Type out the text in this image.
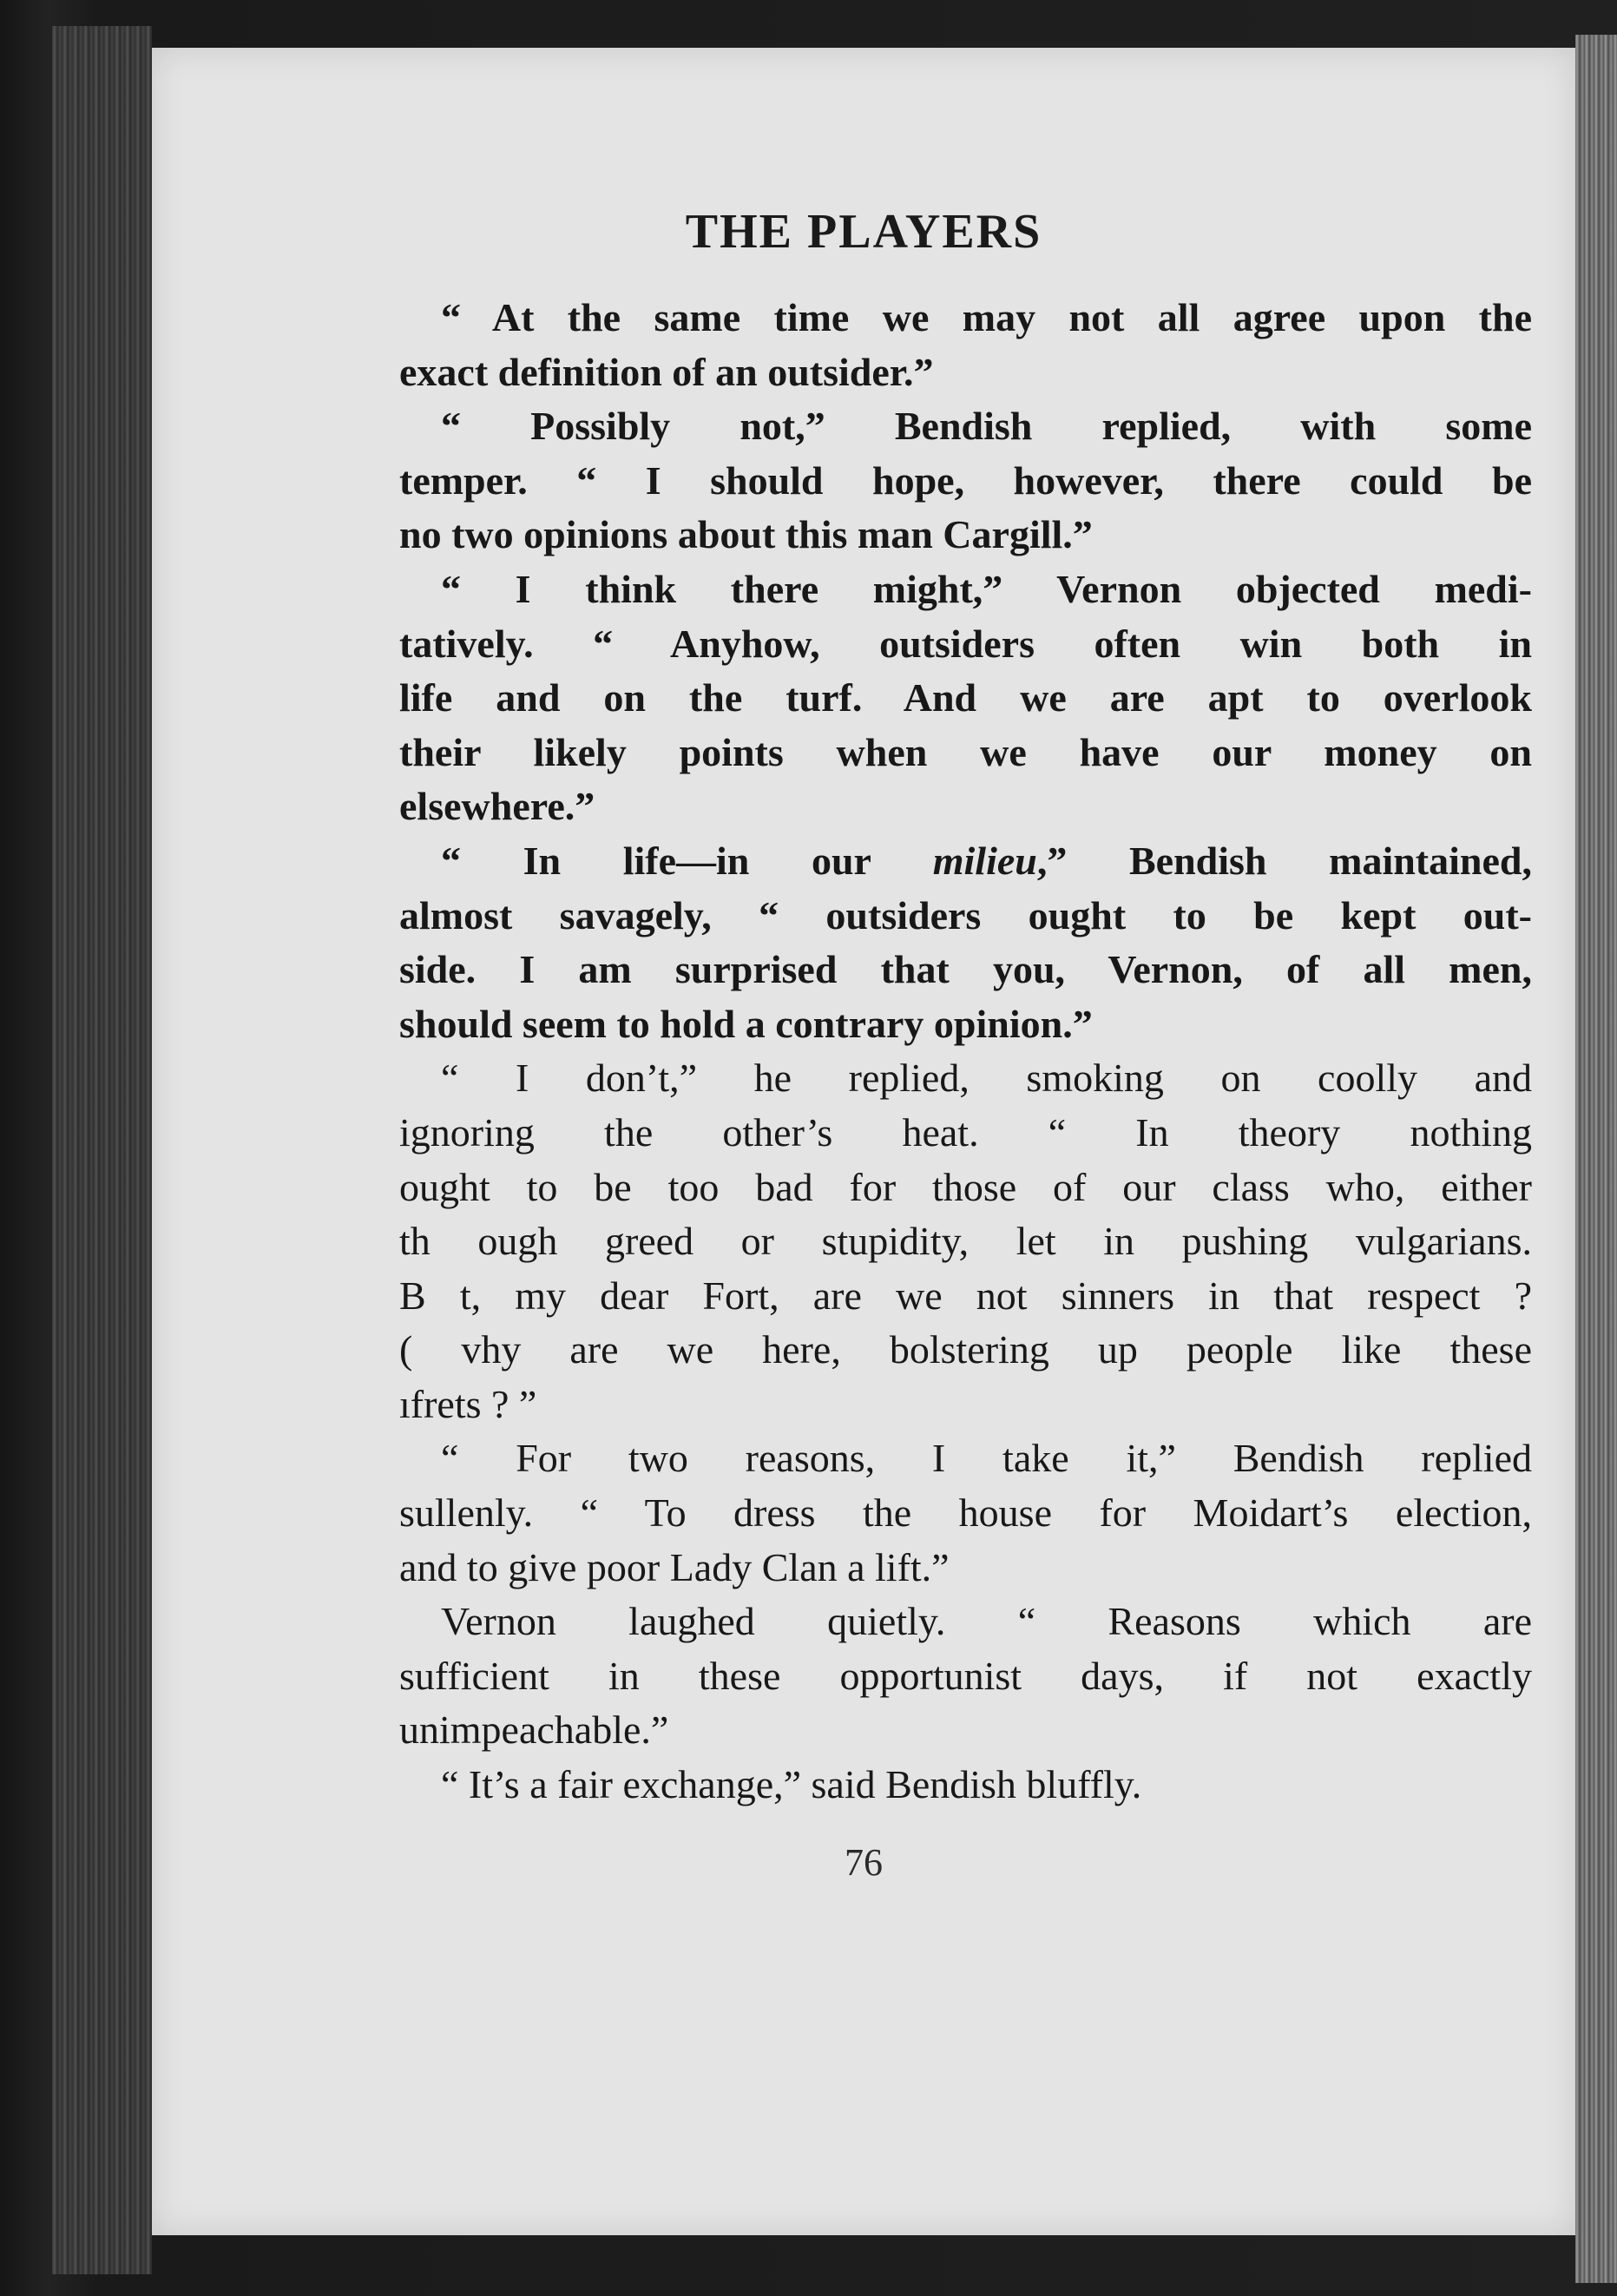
THE PLAYERS
“ At the same time we may not all agree upon the
exact definition of an outsider.”
“ Possibly not,” Bendish replied, with some
temper. “ I should hope, however, there could be
no two opinions about this man Cargill.”
“ I think there might,” Vernon objected medi-
tatively. “ Anyhow, outsiders often win both in
life and on the turf. And we are apt to overlook
their likely points when we have our money on
elsewhere.”
“ In life—in our milieu,” Bendish maintained,
almost savagely, “ outsiders ought to be kept out-
side. I am surprised that you, Vernon, of all men,
should seem to hold a contrary opinion.”
“ I don’t,” he replied, smoking on coolly and
ignoring the other’s heat. “ In theory nothing
ought to be too bad for those of our class who, either
th ough greed or stupidity, let in pushing vulgarians.
B t, my dear Fort, are we not sinners in that respect ?
( vhy are we here, bolstering up people like these
ıfrets ? ”
“ For two reasons, I take it,” Bendish replied
sullenly. “ To dress the house for Moidart’s election,
and to give poor Lady Clan a lift.”
Vernon laughed quietly. “ Reasons which are
sufficient in these opportunist days, if not exactly
unimpeachable.”
“ It’s a fair exchange,” said Bendish bluffly.
76
